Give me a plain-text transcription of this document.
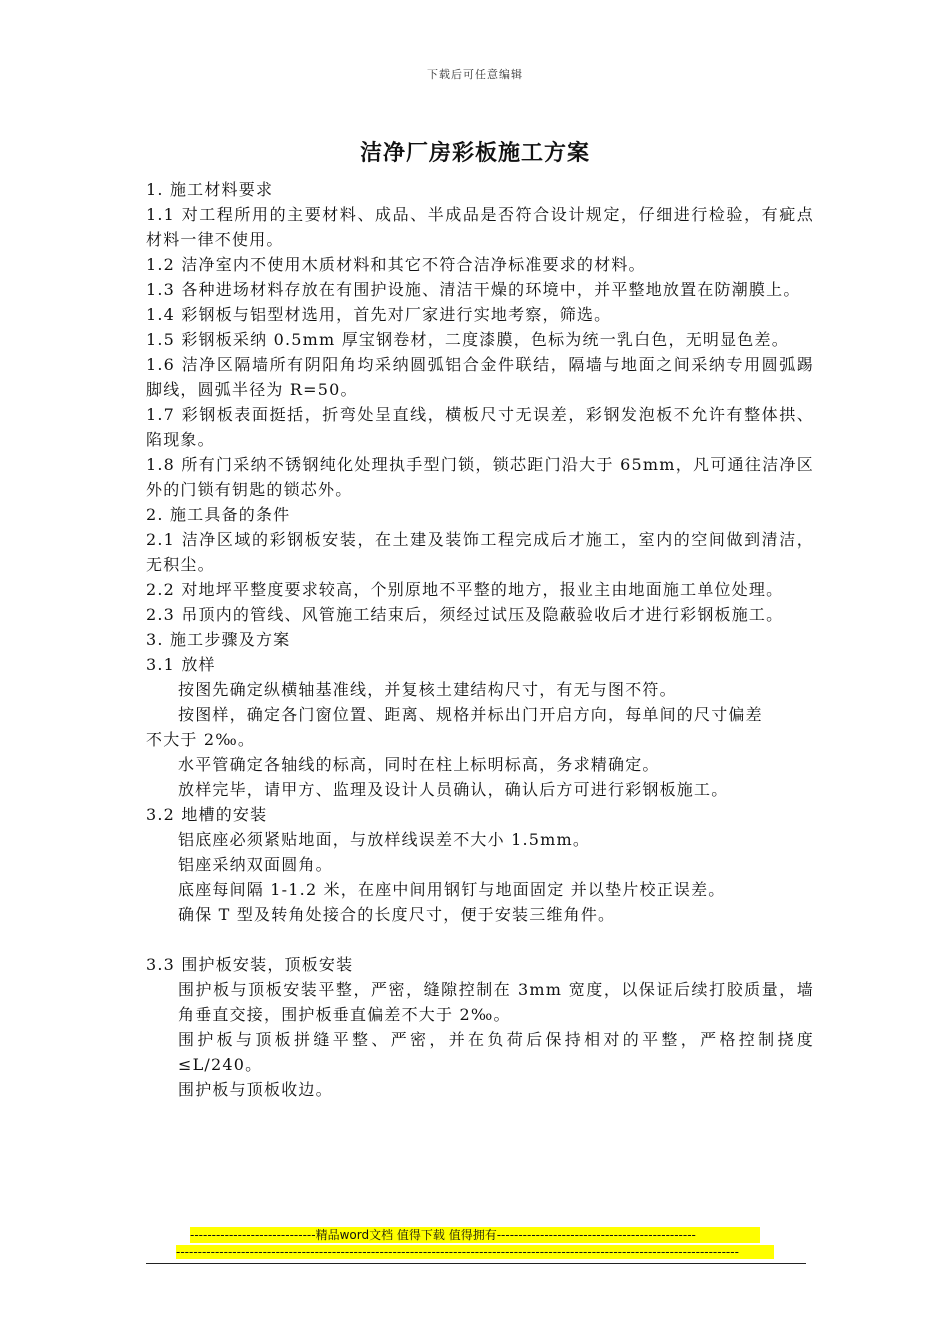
下载后可任意编辑
洁净厂房彩板施工方案

1. 施工材料要求

1.1 对工程所用的主要材料、成品、半成品是否符合设计规定，仔细进行检验，有疵点材料一律不使用。

1.2 洁净室内不使用木质材料和其它不符合洁净标准要求的材料。

1.3 各种进场材料存放在有围护设施、清洁干燥的环境中，并平整地放置在防潮膜上。

1.4 彩钢板与铝型材选用，首先对厂家进行实地考察，筛选。

1.5 彩钢板采纳 0.5mm 厚宝钢卷材，二度漆膜，色标为统一乳白色，无明显色差。

1.6 洁净区隔墙所有阴阳角均采纳圆弧铝合金件联结，隔墙与地面之间采纳专用圆弧踢脚线，圆弧半径为 R=50。

1.7 彩钢板表面挺括，折弯处呈直线，横板尺寸无误差，彩钢发泡板不允许有整体拱、陷现象。

1.8 所有门采纳不锈钢纯化处理执手型门锁，锁芯距门沿大于 65mm，凡可通往洁净区外的门锁有钥匙的锁芯外。

2. 施工具备的条件

2.1 洁净区域的彩钢板安装，在土建及装饰工程完成后才施工，室内的空间做到清洁，无积尘。

2.2 对地坪平整度要求较高，个别原地不平整的地方，报业主由地面施工单位处理。

2.3 吊顶内的管线、风管施工结束后，须经过试压及隐蔽验收后才进行彩钢板施工。

3. 施工步骤及方案

3.1 放样

按图先确定纵横轴基准线，并复核土建结构尺寸，有无与图不符。

按图样，确定各门窗位置、距离、规格并标出门开启方向，每单间的尺寸偏差

不大于 2‰。

水平管确定各轴线的标高，同时在柱上标明标高，务求精确定。

放样完毕，请甲方、监理及设计人员确认，确认后方可进行彩钢板施工。

3.2 地槽的安装

铝底座必须紧贴地面，与放样线误差不大小 1.5mm。

铝座采纳双面圆角。

底座每间隔 1-1.2 米，在座中间用钢钉与地面固定 并以垫片校正误差。

确保 T 型及转角处接合的长度尺寸，便于安装三维角件。

3.3 围护板安装，顶板安装

围护板与顶板安装平整，严密，缝隙控制在 3mm 宽度，以保证后续打胶质量，墙 角垂直交接，围护板垂直偏差不大于 2‰。

围护板与顶板拼缝平整、严密，并在负荷后保持相对的平整，严格控制挠度≤L/240。

围护板与顶板收边。

-----------------------------精品word文档 值得下载 值得拥有----------------------------------------------
----------------------------------------------------------------------------------------------------------------------------------
